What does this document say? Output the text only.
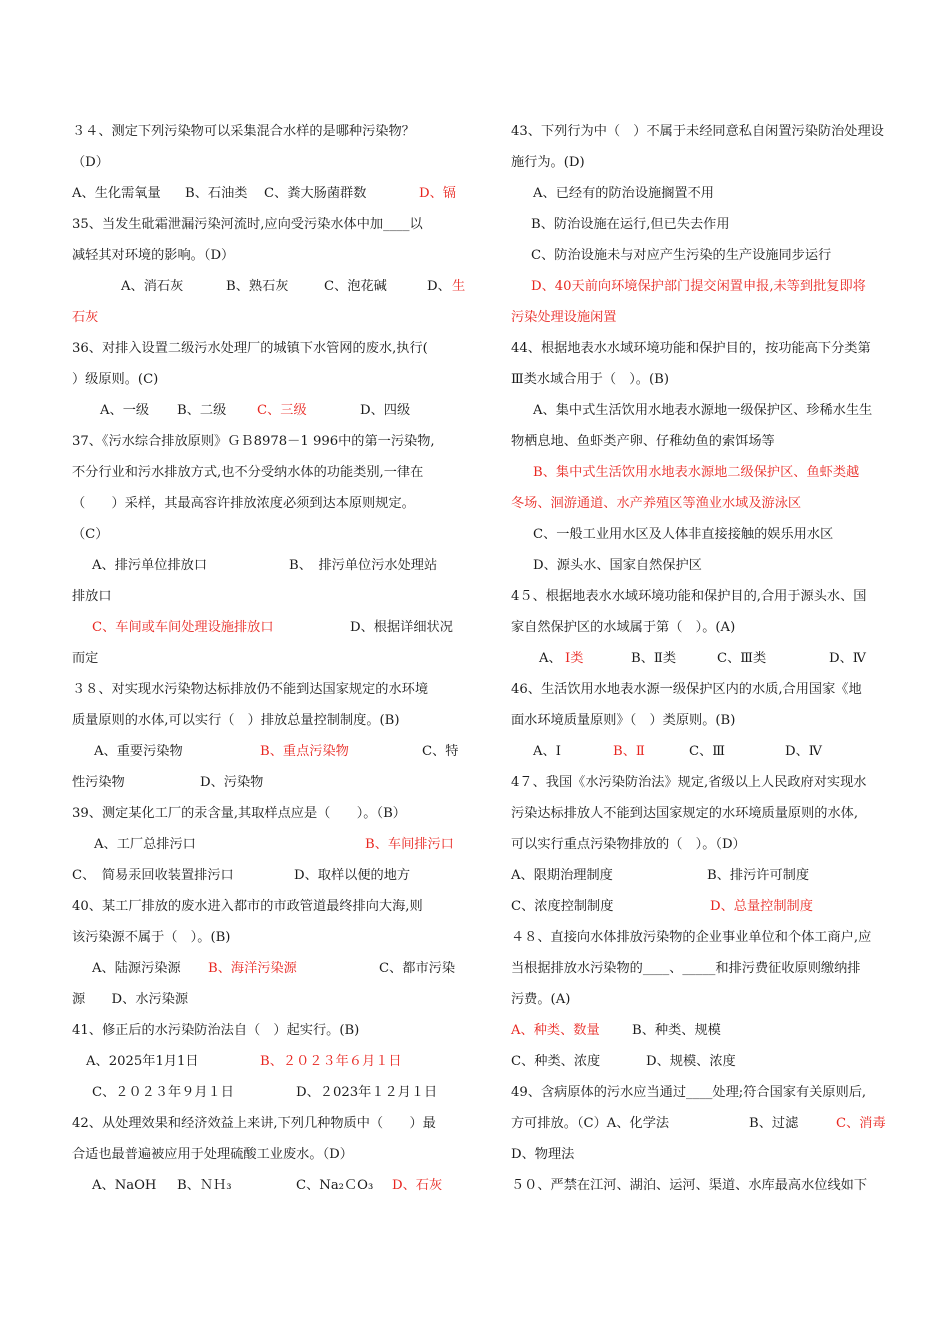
３４、测定下列污染物可以采集混合水样的是哪种污染物？
（D）
A、生化需氧量 B、石油类 C、粪大肠菌群数	D、镉
35、当发生砒霜泄漏污染河流时,应向受污染水体中加____以
减轻其对环境的影响。（D）
A、消石灰	B、熟石灰	C、泡花碱	D、 生
石灰
36、对排入设置二级污水处理厂的城镇下水管网的废水,执行(
）级原则。(C)
A、一级 B、二级 C、三级	D、四级
37、《污水综合排放原则》ＧＢ8978－1 996中的第一污染物,
不分行业和污水排放方式,也不分受纳水体的功能类别,一律在
（　　）采样，其最高容许排放浓度必须到达本原则规定。
（C）
A、排污单位排放口	B、　排污单位污水处理站
排放口
C、车间或车间处理设施排放口	D、根据详细状况
而定
３８、对实现水污染物达标排放仍不能到达国家规定的水环境
质量原则的水体,可以实行（　）排放总量控制制度。(B)
A、重要污染物	B、重点污染物	C、特
性污染物	D、污染物
39、测定某化工厂的汞含量,其取样点应是（　　）。（B）
A、工厂总排污口	B、车间排污口
C、　简易汞回收装置排污口	D、取样以便的地方
40、某工厂排放的废水进入都市的市政管道最终排向大海,则
该污染源不属于（　）。(B)
A、陆源污染源 B、海洋污染源	C、都市污染
源　　D、水污染源
41、修正后的水污染防治法自（　）起实行。(B)
A、2025年1月1日	B、２０２３年６月１日
C、２０２３年９月１日	D、２023年１２月１日
42、从处理效果和经济效益上来讲,下列几种物质中（　　）最
合适也最普遍被应用于处理硫酸工业废水。（D）
A、NaOH B、ＮＨ₃	C、Na₂ＣO₃ D、石灰
43、下列行为中（　）不属于未经同意私自闲置污染防治处理设
施行为。(D)
A、已经有的防治设施搁置不用
B、防治设施在运行,但已失去作用
C、防治设施未与对应产生污染的生产设施同步运行
D、40天前向环境保护部门提交闲置申报,未等到批复即将
污染处理设施闲置
44、根据地表水水域环境功能和保护目的，按功能高下分类第
Ⅲ类水域合用于（　）。(B)
A、集中式生活饮用水地表水源地一级保护区、珍稀水生生
物栖息地、鱼虾类产卵、仔稚幼鱼的索饵场等
B、集中式生活饮用水地表水源地二级保护区、鱼虾类越
冬场、洄游通道、水产养殖区等渔业水域及游泳区
C、一般工业用水区及人体非直接接触的娱乐用水区
D、源头水、国家自然保护区
4５、根据地表水水域环境功能和保护目的,合用于源头水、国
家自然保护区的水域属于第（　）。(A)
A、 Ⅰ类	B、Ⅱ类	C、Ⅲ类	D、Ⅳ
46、生活饮用水地表水源一级保护区内的水质,合用国家《地
面水环境质量原则》（　）类原则。(B)
A、Ⅰ	B、Ⅱ	C、Ⅲ	D、Ⅳ
4７、我国《水污染防治法》规定,省级以上人民政府对实现水
污染达标排放人不能到达国家规定的水环境质量原则的水体,
可以实行重点污染物排放的（　）。（D）
A、限期治理制度	B、排污许可制度
C、浓度控制制度	D、总量控制制度
４８、直接向水体排放污染物的企业事业单位和个体工商户,应
当根据排放水污染物的____、_____和排污费征收原则缴纳排
污费。(A)
A、种类、数量 B、种类、规模
C、种类、浓度	D、规模、浓度
49、含病原体的污水应当通过____处理;符合国家有关原则后,
方可排放。（C）A、化学法	B、过滤	C、消毒
D、物理法
５０、严禁在江河、湖泊、运河、渠道、水库最高水位线如下
